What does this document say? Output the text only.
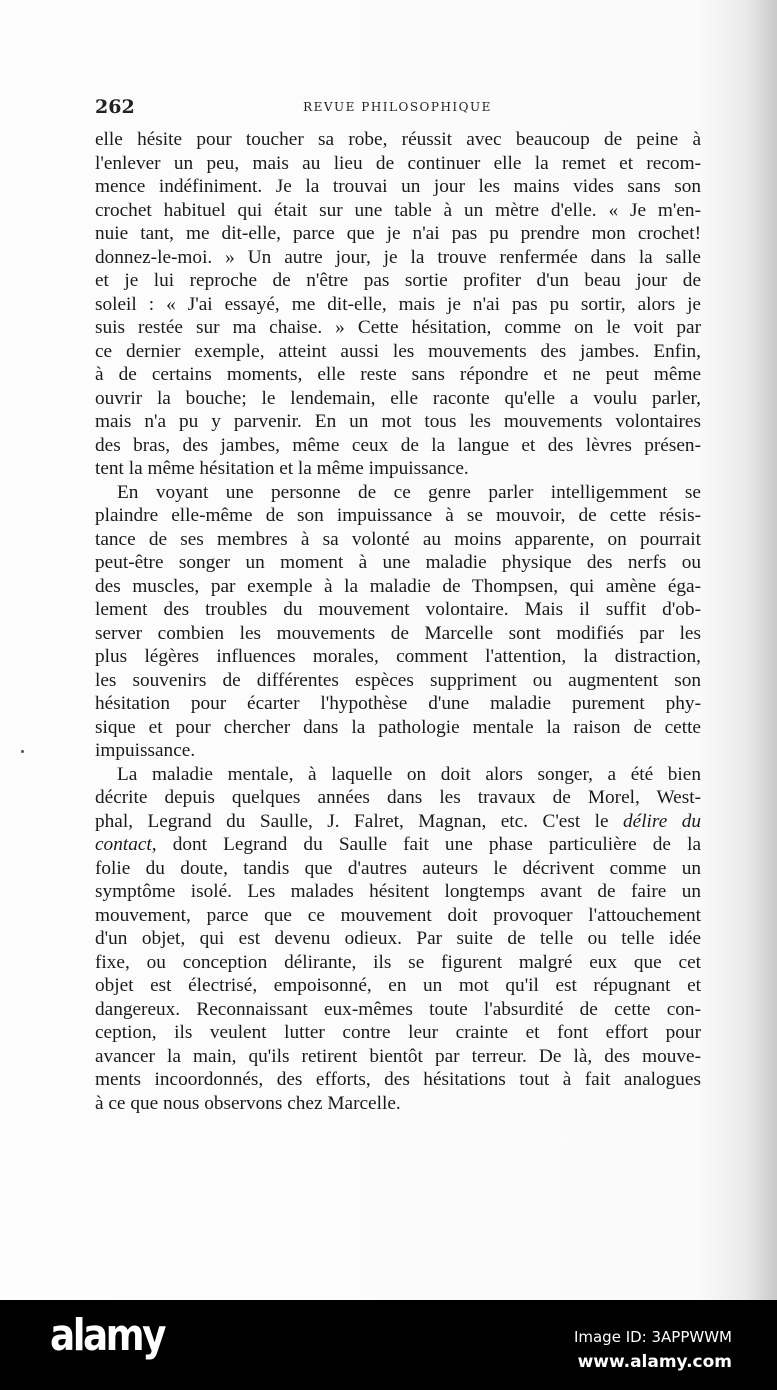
262	REVUE PHILOSOPHIQUE
elle hésite pour toucher sa robe, réussit avec beaucoup de peine à
l'enlever un peu, mais au lieu de continuer elle la remet et recom-
mence indéfiniment. Je la trouvai un jour les mains vides sans son
crochet habituel qui était sur une table à un mètre d'elle. « Je m'en-
nuie tant, me dit-elle, parce que je n'ai pas pu prendre mon crochet!
donnez-le-moi. » Un autre jour, je la trouve renfermée dans la salle
et je lui reproche de n'être pas sortie profiter d'un beau jour de
soleil : « J'ai essayé, me dit-elle, mais je n'ai pas pu sortir, alors je
suis restée sur ma chaise. » Cette hésitation, comme on le voit par
ce dernier exemple, atteint aussi les mouvements des jambes. Enfin,
à de certains moments, elle reste sans répondre et ne peut même
ouvrir la bouche; le lendemain, elle raconte qu'elle a voulu parler,
mais n'a pu y parvenir. En un mot tous les mouvements volontaires
des bras, des jambes, même ceux de la langue et des lèvres présen-
tent la même hésitation et la même impuissance.
En voyant une personne de ce genre parler intelligemment se
plaindre elle-même de son impuissance à se mouvoir, de cette résis-
tance de ses membres à sa volonté au moins apparente, on pourrait
peut-être songer un moment à une maladie physique des nerfs ou
des muscles, par exemple à la maladie de Thompsen, qui amène éga-
lement des troubles du mouvement volontaire. Mais il suffit d'ob-
server combien les mouvements de Marcelle sont modifiés par les
plus légères influences morales, comment l'attention, la distraction,
les souvenirs de différentes espèces suppriment ou augmentent son
hésitation pour écarter l'hypothèse d'une maladie purement phy-
sique et pour chercher dans la pathologie mentale la raison de cette
impuissance.
La maladie mentale, à laquelle on doit alors songer, a été bien
décrite depuis quelques années dans les travaux de Morel, West-
phal, Legrand du Saulle, J. Falret, Magnan, etc. C'est le délire du
contact, dont Legrand du Saulle fait une phase particulière de la
folie du doute, tandis que d'autres auteurs le décrivent comme un
symptôme isolé. Les malades hésitent longtemps avant de faire un
mouvement, parce que ce mouvement doit provoquer l'attouchement
d'un objet, qui est devenu odieux. Par suite de telle ou telle idée
fixe, ou conception délirante, ils se figurent malgré eux que cet
objet est électrisé, empoisonné, en un mot qu'il est répugnant et
dangereux. Reconnaissant eux-mêmes toute l'absurdité de cette con-
ception, ils veulent lutter contre leur crainte et font effort pour
avancer la main, qu'ils retirent bientôt par terreur. De là, des mouve-
ments incoordonnés, des efforts, des hésitations tout à fait analogues
à ce que nous observons chez Marcelle.
alamy	Image ID: 3APPWWM
www.alamy.com
